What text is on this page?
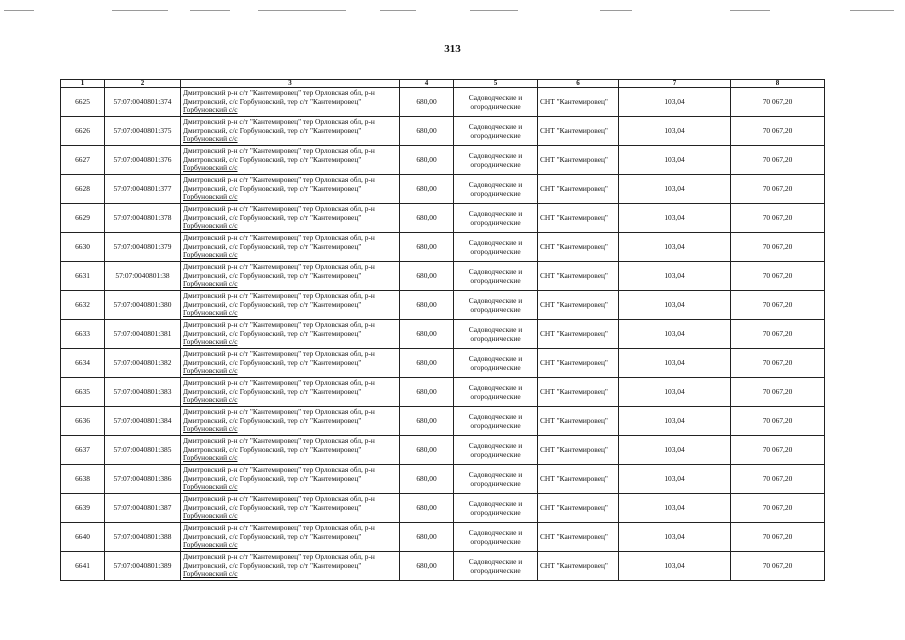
313
1	2	3	4	5	6	7	8
6625	57:07:0040801:374	Дмитровский р-н с/т "Кантемировец" тер Орловская обл, р-н
Дмитровский, с/с Горбуновский, тер с/т "Кантемировец"
Горбуновский с/с	680,00	Садоводческие и огороднические	СНТ "Кантемировец"	103,04	70 067,20
6626	57:07:0040801:375	Дмитровский р-н с/т "Кантемировец" тер Орловская обл, р-н
Дмитровский, с/с Горбуновский, тер с/т "Кантемировец"
Горбуновский с/с	680,00	Садоводческие и огороднические	СНТ "Кантемировец"	103,04	70 067,20
6627	57:07:0040801:376	Дмитровский р-н с/т "Кантемировец" тер Орловская обл, р-н
Дмитровский, с/с Горбуновский, тер с/т "Кантемировец"
Горбуновский с/с	680,00	Садоводческие и огороднические	СНТ "Кантемировец"	103,04	70 067,20
6628	57:07:0040801:377	Дмитровский р-н с/т "Кантемировец" тер Орловская обл, р-н
Дмитровский, с/с Горбуновский, тер с/т "Кантемировец"
Горбуновский с/с	680,00	Садоводческие и огороднические	СНТ "Кантемировец"	103,04	70 067,20
6629	57:07:0040801:378	Дмитровский р-н с/т "Кантемировец" тер Орловская обл, р-н
Дмитровский, с/с Горбуновский, тер с/т "Кантемировец"
Горбуновский с/с	680,00	Садоводческие и огороднические	СНТ "Кантемировец"	103,04	70 067,20
6630	57:07:0040801:379	Дмитровский р-н с/т "Кантемировец" тер Орловская обл, р-н
Дмитровский, с/с Горбуновский, тер с/т "Кантемировец"
Горбуновский с/с	680,00	Садоводческие и огороднические	СНТ "Кантемировец"	103,04	70 067,20
6631	57:07:0040801:38	Дмитровский р-н с/т "Кантемировец" тер Орловская обл, р-н
Дмитровский, с/с Горбуновский, тер с/т "Кантемировец"
Горбуновский с/с	680,00	Садоводческие и огороднические	СНТ "Кантемировец"	103,04	70 067,20
6632	57:07:0040801:380	Дмитровский р-н с/т "Кантемировец" тер Орловская обл, р-н
Дмитровский, с/с Горбуновский, тер с/т "Кантемировец"
Горбуновский с/с	680,00	Садоводческие и огороднические	СНТ "Кантемировец"	103,04	70 067,20
6633	57:07:0040801:381	Дмитровский р-н с/т "Кантемировец" тер Орловская обл, р-н
Дмитровский, с/с Горбуновский, тер с/т "Кантемировец"
Горбуновский с/с	680,00	Садоводческие и огороднические	СНТ "Кантемировец"	103,04	70 067,20
6634	57:07:0040801:382	Дмитровский р-н с/т "Кантемировец" тер Орловская обл, р-н
Дмитровский, с/с Горбуновский, тер с/т "Кантемировец"
Горбуновский с/с	680,00	Садоводческие и огороднические	СНТ "Кантемировец"	103,04	70 067,20
6635	57:07:0040801:383	Дмитровский р-н с/т "Кантемировец" тер Орловская обл, р-н
Дмитровский, с/с Горбуновский, тер с/т "Кантемировец"
Горбуновский с/с	680,00	Садоводческие и огороднические	СНТ "Кантемировец"	103,04	70 067,20
6636	57:07:0040801:384	Дмитровский р-н с/т "Кантемировец" тер Орловская обл, р-н
Дмитровский, с/с Горбуновский, тер с/т "Кантемировец"
Горбуновский с/с	680,00	Садоводческие и огороднические	СНТ "Кантемировец"	103,04	70 067,20
6637	57:07:0040801:385	Дмитровский р-н с/т "Кантемировец" тер Орловская обл, р-н
Дмитровский, с/с Горбуновский, тер с/т "Кантемировец"
Горбуновский с/с	680,00	Садоводческие и огороднические	СНТ "Кантемировец"	103,04	70 067,20
6638	57:07:0040801:386	Дмитровский р-н с/т "Кантемировец" тер Орловская обл, р-н
Дмитровский, с/с Горбуновский, тер с/т "Кантемировец"
Горбуновский с/с	680,00	Садоводческие и огороднические	СНТ "Кантемировец"	103,04	70 067,20
6639	57:07:0040801:387	Дмитровский р-н с/т "Кантемировец" тер Орловская обл, р-н
Дмитровский, с/с Горбуновский, тер с/т "Кантемировец"
Горбуновский с/с	680,00	Садоводческие и огороднические	СНТ "Кантемировец"	103,04	70 067,20
6640	57:07:0040801:388	Дмитровский р-н с/т "Кантемировец" тер Орловская обл, р-н
Дмитровский, с/с Горбуновский, тер с/т "Кантемировец"
Горбуновский с/с	680,00	Садоводческие и огороднические	СНТ "Кантемировец"	103,04	70 067,20
6641	57:07:0040801:389	Дмитровский р-н с/т "Кантемировец" тер Орловская обл, р-н
Дмитровский, с/с Горбуновский, тер с/т "Кантемировец"
Горбуновский с/с	680,00	Садоводческие и огороднические	СНТ "Кантемировец"	103,04	70 067,20
